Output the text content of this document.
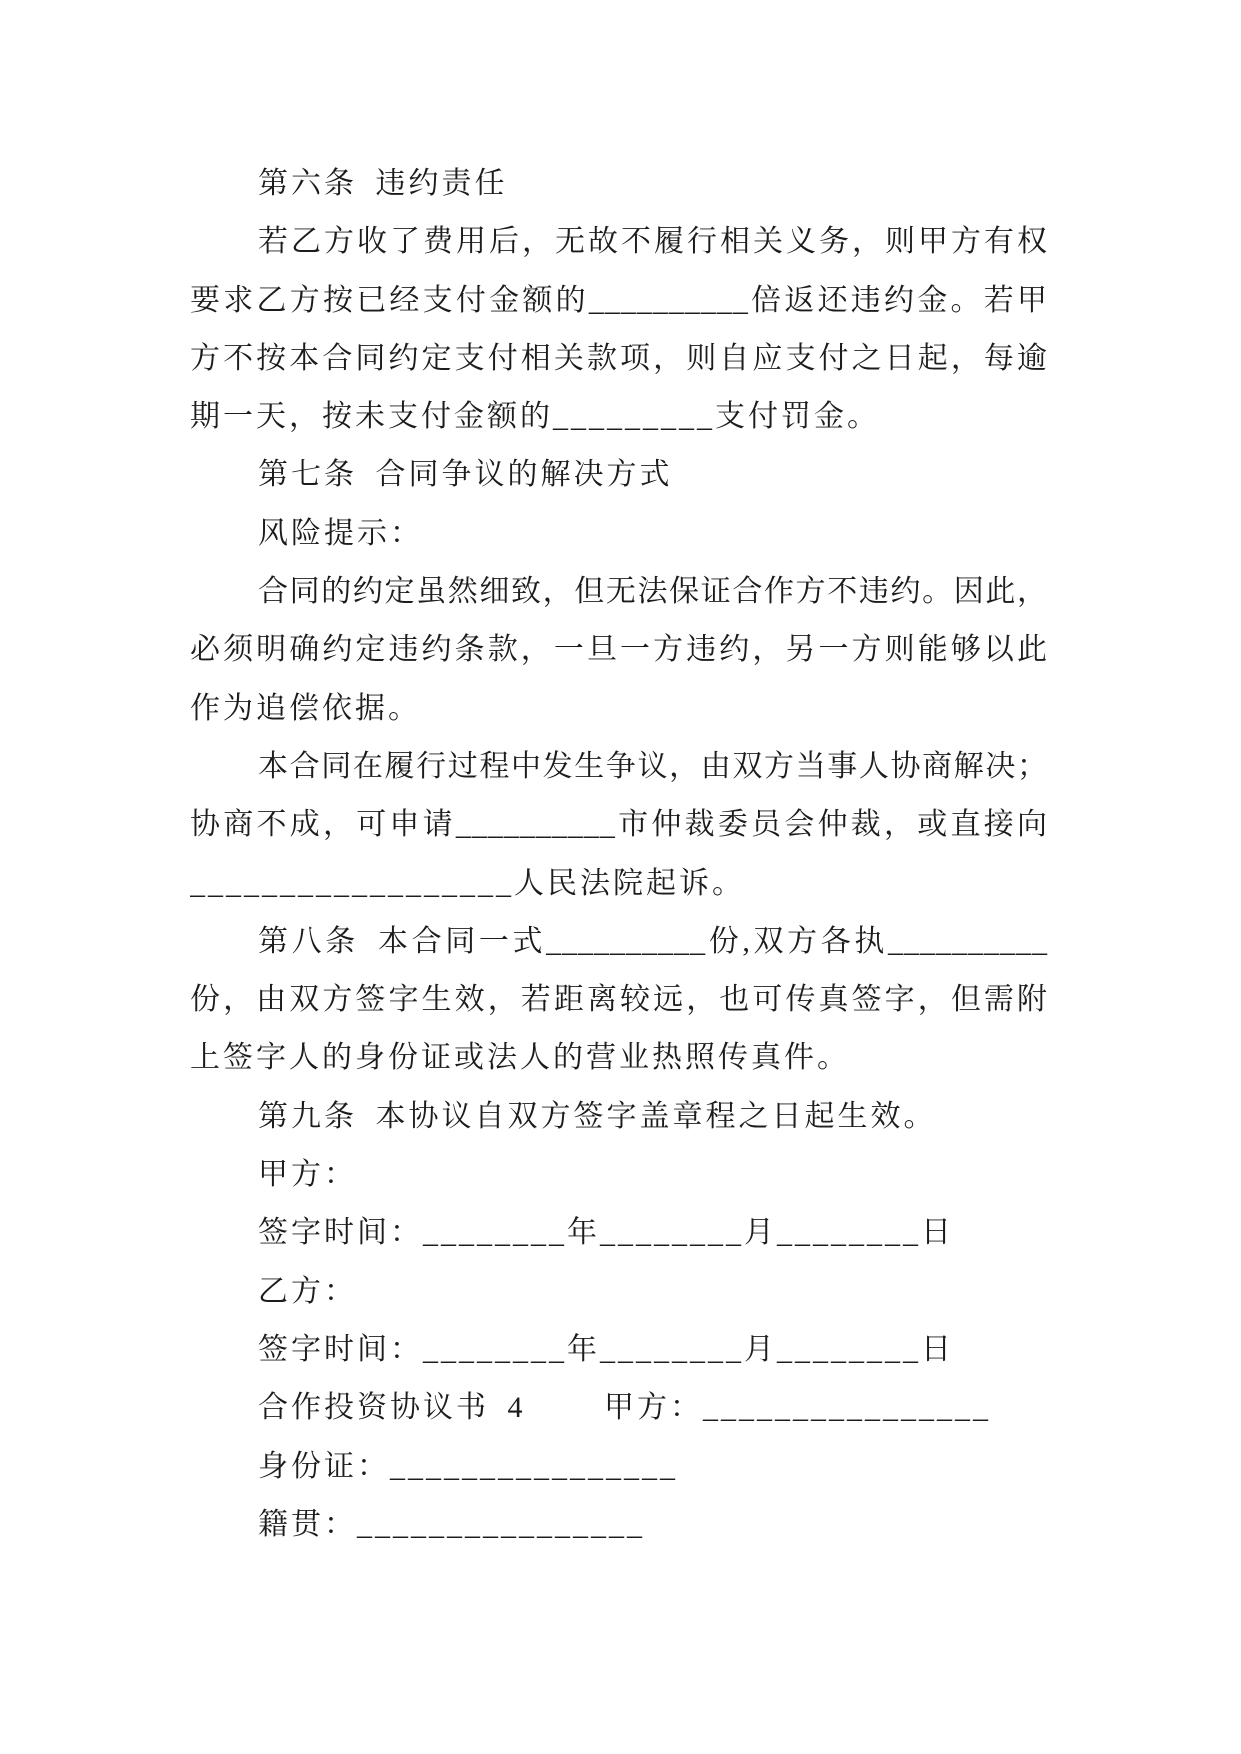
第六条 违约责任
若乙方收了费用后，无故不履行相关义务，则甲方有权
要求乙方按已经支付金额的__________倍返还违约金。若甲
方不按本合同约定支付相关款项，则自应支付之日起，每逾
期一天，按未支付金额的_________支付罚金。
第七条 合同争议的解决方式
风险提示：
合同的约定虽然细致，但无法保证合作方不违约。因此，
必须明确约定违约条款，一旦一方违约，另一方则能够以此
作为追偿依据。
本合同在履行过程中发生争议，由双方当事人协商解决；
协商不成，可申请__________市仲裁委员会仲裁，或直接向
__________________人民法院起诉。
第八条 本合同一式__________份,双方各执__________
份，由双方签字生效，若距离较远，也可传真签字，但需附
上签字人的身份证或法人的营业热照传真件。
第九条 本协议自双方签字盖章程之日起生效。
甲方：
签字时间：________年________月________日
乙方：
签字时间：________年________月________日
合作投资协议书 4	甲方：________________
身份证：________________
籍贯：________________
